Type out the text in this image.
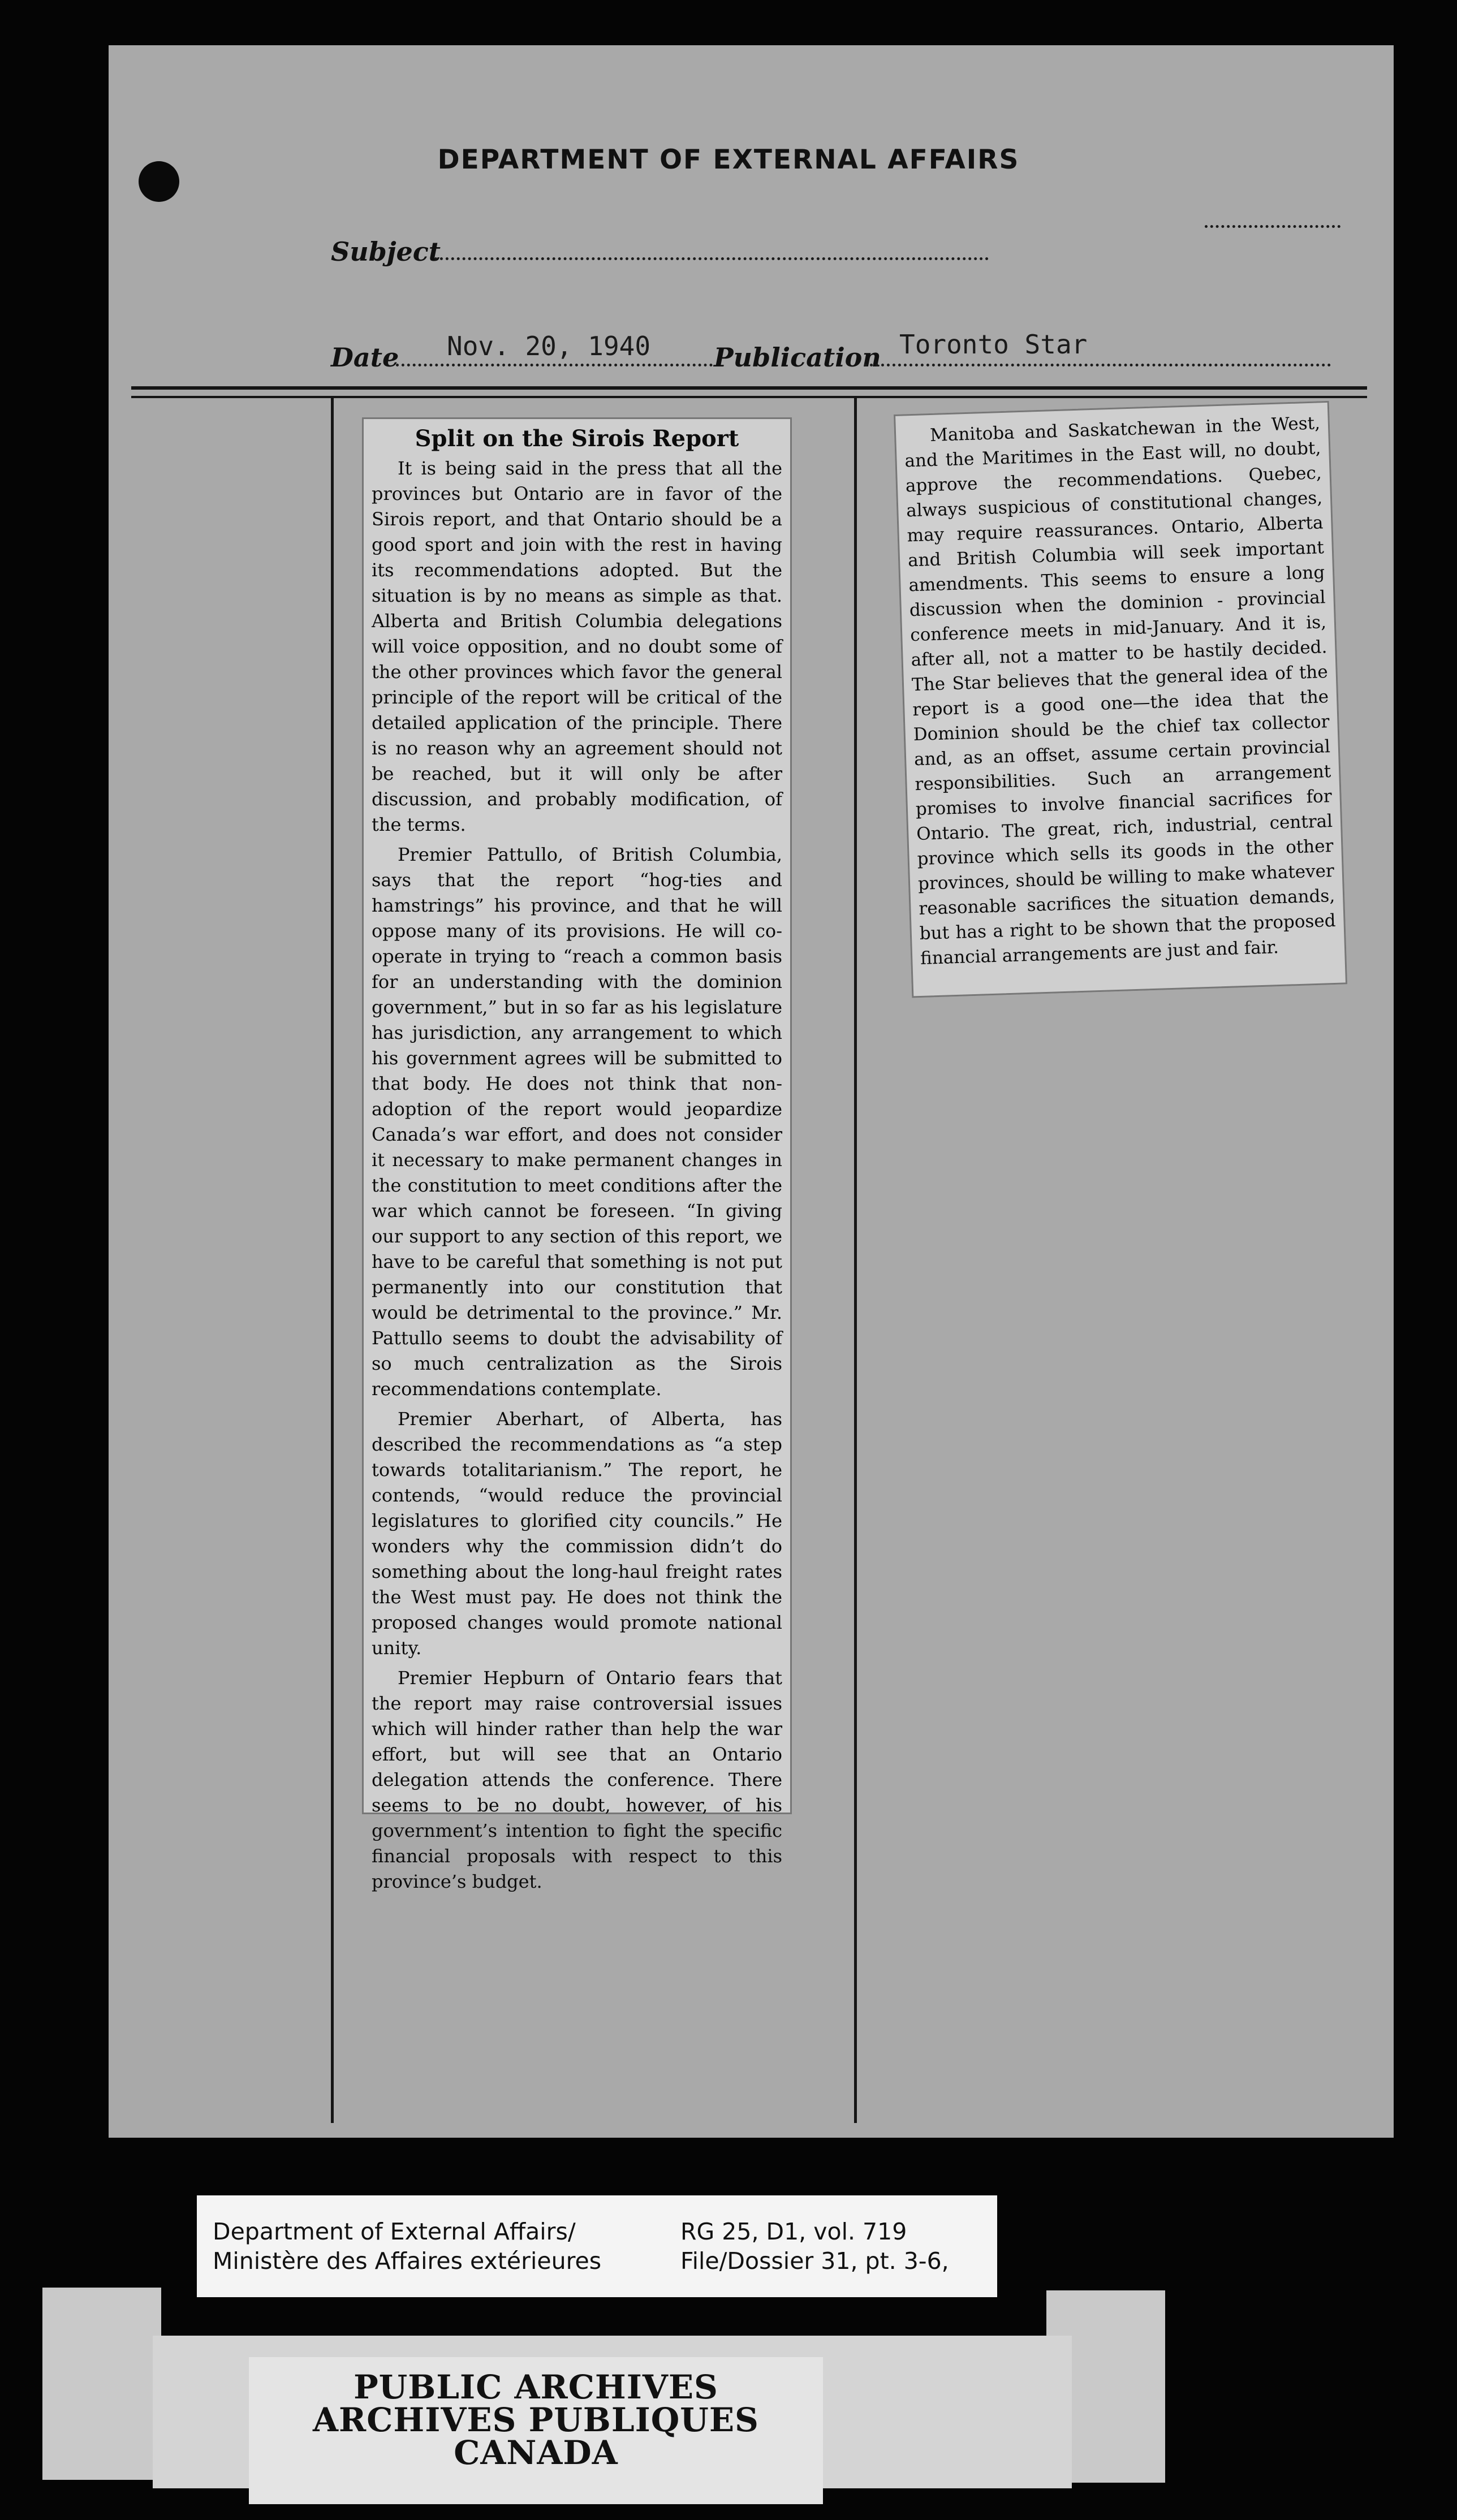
DEPARTMENT OF EXTERNAL AFFAIRS
Subject
Date Nov. 20, 1940 Publication Toronto Star
Split on the Sirois Report

It is being said in the press that all the provinces but Ontario are in favor of the Sirois report, and that Ontario should be a good sport and join with the rest in having its recommendations adopted. But the situation is by no means as simple as that. Alberta and British Columbia delegations will voice opposition, and no doubt some of the other provinces which favor the general principle of the report will be critical of the detailed application of the principle. There is no reason why an agreement should not be reached, but it will only be after discussion, and probably modification, of the terms.

Premier Pattullo, of British Columbia, says that the report “hog-ties and hamstrings” his province, and that he will oppose many of its provisions. He will co-operate in trying to “reach a common basis for an understanding with the dominion government,” but in so far as his legislature has jurisdiction, any arrangement to which his government agrees will be submitted to that body. He does not think that non-adoption of the report would jeopardize Canada’s war effort, and does not consider it necessary to make permanent changes in the constitution to meet conditions after the war which cannot be foreseen. “In giving our support to any section of this report, we have to be careful that something is not put permanently into our constitution that would be detrimental to the province.” Mr. Pattullo seems to doubt the advisability of so much centralization as the Sirois recommendations contemplate.

Premier Aberhart, of Alberta, has described the recommendations as “a step towards totalitarianism.” The report, he contends, “would reduce the provincial legislatures to glorified city councils.” He wonders why the commission didn’t do something about the long-haul freight rates the West must pay. He does not think the proposed changes would promote national unity.

Premier Hepburn of Ontario fears that the report may raise controversial issues which will hinder rather than help the war effort, but will see that an Ontario delegation attends the conference. There seems to be no doubt, however, of his government’s intention to fight the specific financial proposals with respect to this province’s budget.

Manitoba and Saskatchewan in the West, and the Maritimes in the East will, no doubt, approve the recommendations. Quebec, always suspicious of constitutional changes, may require reassurances. Ontario, Alberta and British Columbia will seek important amendments. This seems to ensure a long discussion when the dominion - provincial conference meets in mid-January. And it is, after all, not a matter to be hastily decided. The Star believes that the general idea of the report is a good one—the idea that the Dominion should be the chief tax collector and, as an offset, assume certain provincial responsibilities. Such an arrangement promises to involve financial sacrifices for Ontario. The great, rich, industrial, central province which sells its goods in the other provinces, should be willing to make whatever reasonable sacrifices the situation demands, but has a right to be shown that the proposed financial arrangements are just and fair.

Department of External Affairs/
Ministère des Affaires extérieures
RG 25, D1, vol. 719
File/Dossier 31, pt. 3-6,
PUBLIC ARCHIVES
ARCHIVES PUBLIQUES
CANADA
